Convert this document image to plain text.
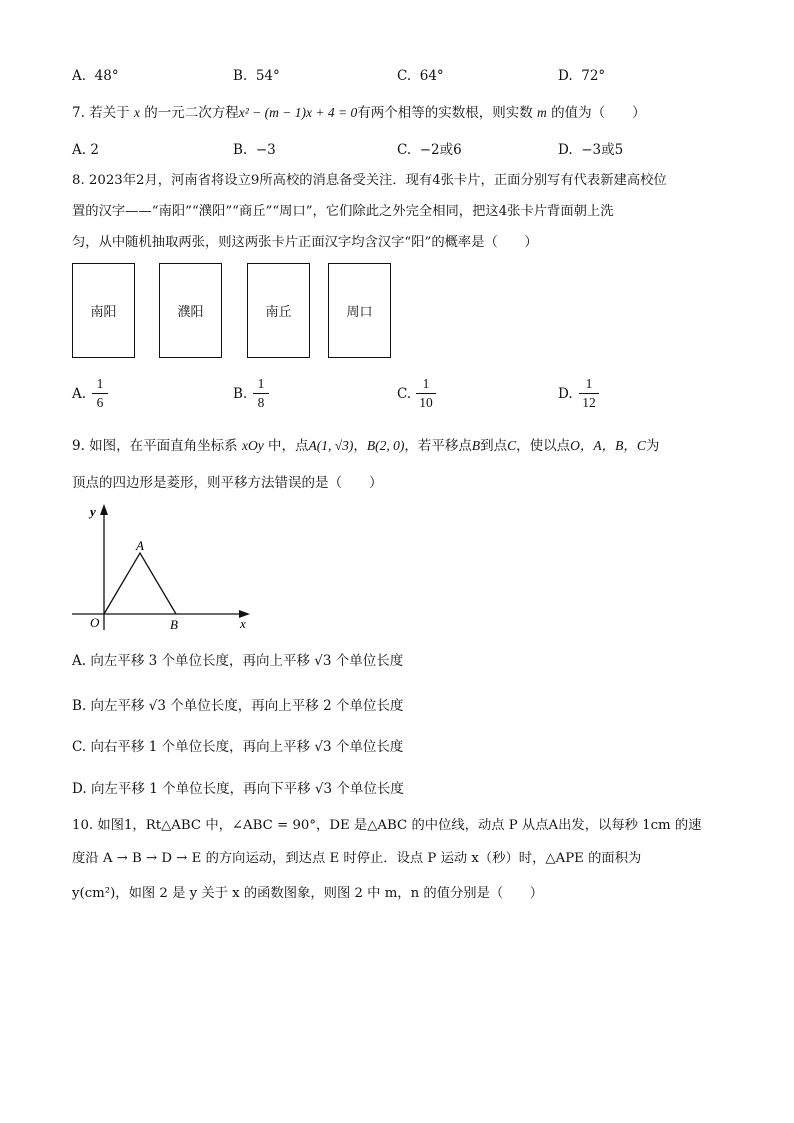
A. 48°	B. 54°	C. 64°	D. 72°
7. 若关于 x 的一元二次方程x² − (m − 1)x + 4 = 0有两个相等的实数根，则实数 m 的值为（　　）
A. 2	B. −3	C. −2或6	D. −3或5
8. 2023年2月，河南省将设立9所高校的消息备受关注．现有4张卡片，正面分别写有代表新建高校位
置的汉字——“南阳”“濮阳”“商丘”“周口”，它们除此之外完全相同，把这4张卡片背面朝上洗
匀，从中随机抽取两张，则这两张卡片正面汉字均含汉字“阳”的概率是（　　）
南阳	濮阳	南丘	周口
A.
1
6
B.
1
8
C.
1
10
D.
1
12
9. 如图，在平面直角坐标系 xOy 中，点A(1, √3)，B(2, 0)，若平移点B到点C，使以点O，A，B，C为
顶点的四边形是菱形，则平移方法错误的是（　　）
y
x
O
A
B
A. 向左平移 3 个单位长度，再向上平移 √3 个单位长度
B. 向左平移 √3 个单位长度，再向上平移 2 个单位长度
C. 向右平移 1 个单位长度，再向上平移 √3 个单位长度
D. 向左平移 1 个单位长度，再向下平移 √3 个单位长度
10. 如图1，Rt△ABC 中，∠ABC = 90°，DE 是△ABC 的中位线，动点 P 从点A出发，以每秒 1cm 的速
度沿 A → B → D → E 的方向运动，到达点 E 时停止．设点 P 运动 x（秒）时，△APE 的面积为
y(cm²)，如图 2 是 y 关于 x 的函数图象，则图 2 中 m，n 的值分别是（　　）
